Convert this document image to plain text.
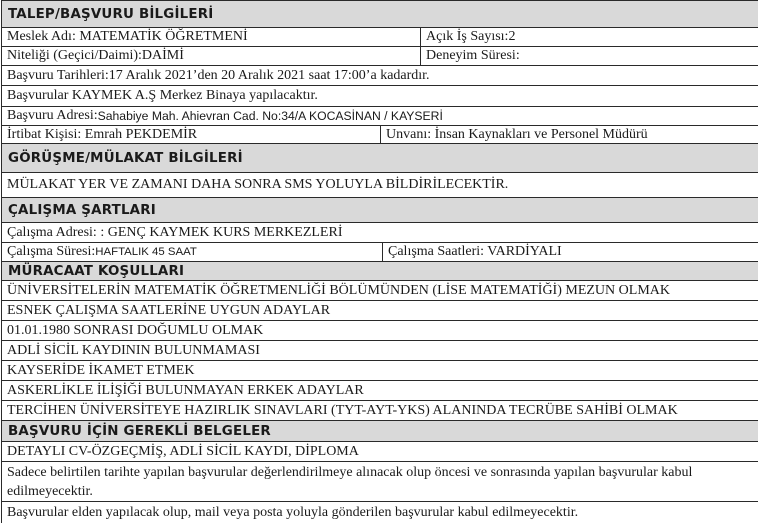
TALEP/BAŞVURU BİLGİLERİ
Meslek Adı: MATEMATİK ÖĞRETMENİ	Açık İş Sayısı:2
Niteliği (Geçici/Daimi):DAİMİ	Deneyim Süresi:
Başvuru Tarihleri:17 Aralık 2021’den 20 Aralık 2021 saat 17:00’a kadardır.
Başvurular KAYMEK A.Ş Merkez Binaya yapılacaktır.
Başvuru Adresi: Sahabiye Mah. Ahievran Cad. No:34/A KOCASİNAN / KAYSERİ
İrtibat Kişisi: Emrah PEKDEMİR	Unvanı: İnsan Kaynakları ve Personel Müdürü
GÖRÜŞME/MÜLAKAT BİLGİLERİ
MÜLAKAT YER VE ZAMANI DAHA SONRA SMS YOLUYLA BİLDİRİLECEKTİR.
ÇALIŞMA ŞARTLARI
Çalışma Adresi: : GENÇ KAYMEK KURS MERKEZLERİ
Çalışma Süresi: HAFTALIK 45 SAAT	Çalışma Saatleri: VARDİYALI
MÜRACAAT KOŞULLARI
ÜNİVERSİTELERİN MATEMATİK ÖĞRETMENLİĞİ BÖLÜMÜNDEN (LİSE MATEMATİĞİ) MEZUN OLMAK
ESNEK ÇALIŞMA SAATLERİNE UYGUN ADAYLAR
01.01.1980 SONRASI DOĞUMLU OLMAK
ADLİ SİCİL KAYDININ BULUNMAMASI
KAYSERİDE İKAMET ETMEK
ASKERLİKLE İLİŞİĞİ BULUNMAYAN ERKEK ADAYLAR
TERCİHEN ÜNİVERSİTEYE HAZIRLIK SINAVLARI (TYT-AYT-YKS) ALANINDA TECRÜBE SAHİBİ OLMAK
BAŞVURU İÇİN GEREKLİ BELGELER
DETAYLI CV-ÖZGEÇMİŞ, ADLİ SİCİL KAYDI, DİPLOMA
Sadece belirtilen tarihte yapılan başvurular değerlendirilmeye alınacak olup öncesi ve sonrasında yapılan başvurular kabul edilmeyecektir.
Başvurular elden yapılacak olup, mail veya posta yoluyla gönderilen başvurular kabul edilmeyecektir.
